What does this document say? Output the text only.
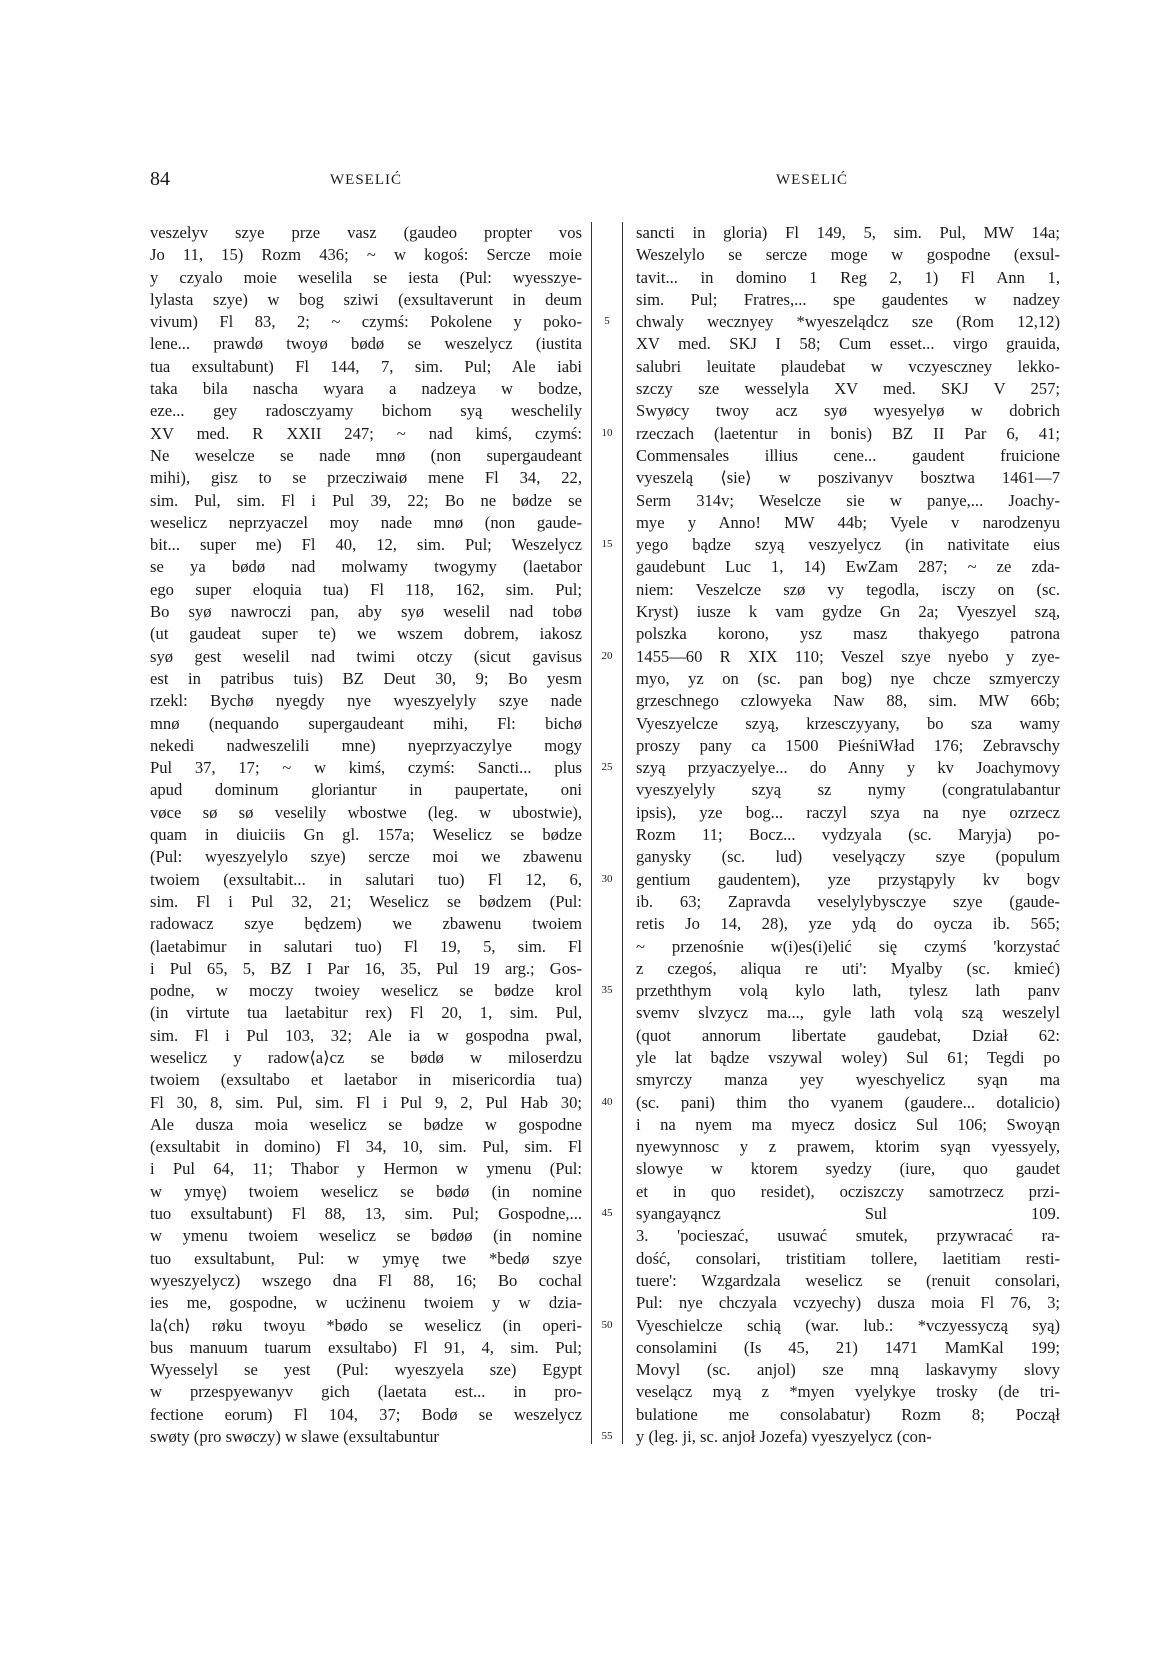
84	WESELIĆ	WESELIĆ
veszelyv szye prze vasz (gaudeo propter vos
Jo 11, 15) Rozm 436; ~ w kogoś: Sercze moie
y czyalo moie weselila se iesta (Pul: wyesszye-
lylasta szye) w bog sziwi (exsultaverunt in deum
vivum) Fl 83, 2; ~ czymś: Pokolene y poko-
lene... prawdø twoyø bødø se weszelycz (iustita
tua exsultabunt) Fl 144, 7, sim. Pul; Ale iabi
taka bila nascha wyara a nadzeya w bodze,
eze... gey radosczyamy bichom syą weschelily
XV med. R XXII 247; ~ nad kimś, czymś:
Ne weselcze se nade mnø (non supergaudeant
mihi), gisz to se przecziwaiø mene Fl 34, 22,
sim. Pul, sim. Fl i Pul 39, 22; Bo ne bødze se
weselicz neprzyaczel moy nade mnø (non gaude-
bit... super me) Fl 40, 12, sim. Pul; Weszelycz
se ya bødø nad molwamy twogymy (laetabor
ego super eloquia tua) Fl 118, 162, sim. Pul;
Bo syø nawroczi pan, aby syø weselil nad tobø
(ut gaudeat super te) we wszem dobrem, iakosz
syø gest weselil nad twimi otczy (sicut gavisus
est in patribus tuis) BZ Deut 30, 9; Bo yesm
rzekl: Bychø nyegdy nye wyeszyelyly szye nade
mnø (nequando supergaudeant mihi, Fl: bichø
nekedi nadweszelili mne) nyeprzyaczylye mogy
Pul 37, 17; ~ w kimś, czymś: Sancti... plus
apud dominum gloriantur in paupertate, oni
vøce sø sø veselily wbostwe (leg. w ubostwie),
quam in diuiciis Gn gl. 157a; Weselicz se bødze
(Pul: wyeszyelylo szye) sercze moi we zbawenu
twoiem (exsultabit... in salutari tuo) Fl 12, 6,
sim. Fl i Pul 32, 21; Weselicz se bødzem (Pul:
radowacz szye będzem) we zbawenu twoiem
(laetabimur in salutari tuo) Fl 19, 5, sim. Fl
i Pul 65, 5, BZ I Par 16, 35, Pul 19 arg.; Gos-
podne, w moczy twoiey weselicz se bødze krol
(in virtute tua laetabitur rex) Fl 20, 1, sim. Pul,
sim. Fl i Pul 103, 32; Ale ia w gospodna pwal,
weselicz y radow⟨a⟩cz se bødø w miloserdzu
twoiem (exsultabo et laetabor in misericordia tua)
Fl 30, 8, sim. Pul, sim. Fl i Pul 9, 2, Pul Hab 30;
Ale dusza moia weselicz se bødze w gospodne
(exsultabit in domino) Fl 34, 10, sim. Pul, sim. Fl
i Pul 64, 11; Thabor y Hermon w ymenu (Pul:
w ymyę) twoiem weselicz se bødø (in nomine
tuo exsultabunt) Fl 88, 13, sim. Pul; Gospodne,...
w ymenu twoiem weselicz se bødøø (in nomine
tuo exsultabunt, Pul: w ymyę twe *bedø szye
wyeszyelycz) wszego dna Fl 88, 16; Bo cochal
ies me, gospodne, w ucżinenu twoiem y w dzia-
la⟨ch⟩ røku twoyu *bødo se weselicz (in operi-
bus manuum tuarum exsultabo) Fl 91, 4, sim. Pul;
Wyesselyl se yest (Pul: wyeszyela sze) Egypt
w przespyewanyv gich (laetata est... in pro-
fectione eorum) Fl 104, 37; Bodø se weszelycz
swøty (pro swøczy) w slawe (exsultabuntur
5
10
15
20
25
30
35
40
45
50
55
sancti in gloria) Fl 149, 5, sim. Pul, MW 14a;
Weszelylo se sercze moge w gospodne (exsul-
tavit... in domino 1 Reg 2, 1) Fl Ann 1,
sim. Pul; Fratres,... spe gaudentes w nadzey
chwaly wecznyey *wyeszelądcz sze (Rom 12,12)
XV med. SKJ I 58; Cum esset... virgo grauida,
salubri leuitate plaudebat w vczyesczney lekko-
szczy sze wesselyla XV med. SKJ V 257;
Swyøcy twoy acz syø wyesyelyø w dobrich
rzeczach (laetentur in bonis) BZ II Par 6, 41;
Commensales illius cene... gaudent fruicione
vyeszelą ⟨sie⟩ w poszivanyv bosztwa 1461—7
Serm 314v; Weselcze sie w panye,... Joachy-
mye y Anno! MW 44b; Vyele v narodzenyu
yego bądze szyą veszyelycz (in nativitate eius
gaudebunt Luc 1, 14) EwZam 287; ~ ze zda-
niem: Veszelcze szø vy tegodla, isczy on (sc.
Kryst) iusze k vam gydze Gn 2a; Vyeszyel szą,
polszka korono, ysz masz thakyego patrona
1455—60 R XIX 110; Veszel szye nyebo y zye-
myo, yz on (sc. pan bog) nye chcze szmyerczy
grzeschnego czlowyeka Naw 88, sim. MW 66b;
Vyeszyelcze szyą, krzesczyyany, bo sza wamy
proszy pany ca 1500 PieśniWład 176; Zebravschy
szyą przyaczyelye... do Anny y kv Joachymovy
vyeszyelyly szyą sz nymy (congratulabantur
ipsis), yze bog... raczyl szya na nye ozrzecz
Rozm 11; Bocz... vydzyala (sc. Maryja) po-
ganysky (sc. lud) veselyączy szye (populum
gentium gaudentem), yze przystąpyly kv bogv
ib. 63; Zapravda veselylybysczye szye (gaude-
retis Jo 14, 28), yze ydą do oycza ib. 565;
~ przenośnie w(i)es(i)elić się czymś 'korzystać
z czegoś, aliqua re uti': Myalby (sc. kmieć)
przeththym volą kylo lath, tylesz lath panv
svemv slvzycz ma..., gyle lath volą szą weszelyl
(quot annorum libertate gaudebat, Dział 62:
yle lat bądze vszywal woley) Sul 61; Tegdi po
smyrczy manza yey wyeschyelicz syąn ma
(sc. pani) thim tho vyanem (gaudere... dotalicio)
i na nyem ma myecz dosicz Sul 106; Swoyąn
nyewynnosc y z prawem, ktorim syąn vyessyely,
slowye w ktorem syedzy (iure, quo gaudet
et in quo residet), ocziszczy samotrzecz przi-
syangayąncz Sul 109.
3. 'pocieszać, usuwać smutek, przywracać ra-
dość, consolari, tristitiam tollere, laetitiam resti-
tuere': Wzgardzala weselicz se (renuit consolari,
Pul: nye chczyala vczyechy) dusza moia Fl 76, 3;
Vyeschielcze schią (war. lub.: *vczyessyczą syą)
consolamini (Is 45, 21) 1471 MamKal 199;
Movyl (sc. anjol) sze mną laskavymy slovy
veselącz myą z *myen vyelykye trosky (de tri-
bulatione me consolabatur) Rozm 8; Począł
y (leg. ji, sc. anjoł Jozefa) vyeszyelycz (con-
